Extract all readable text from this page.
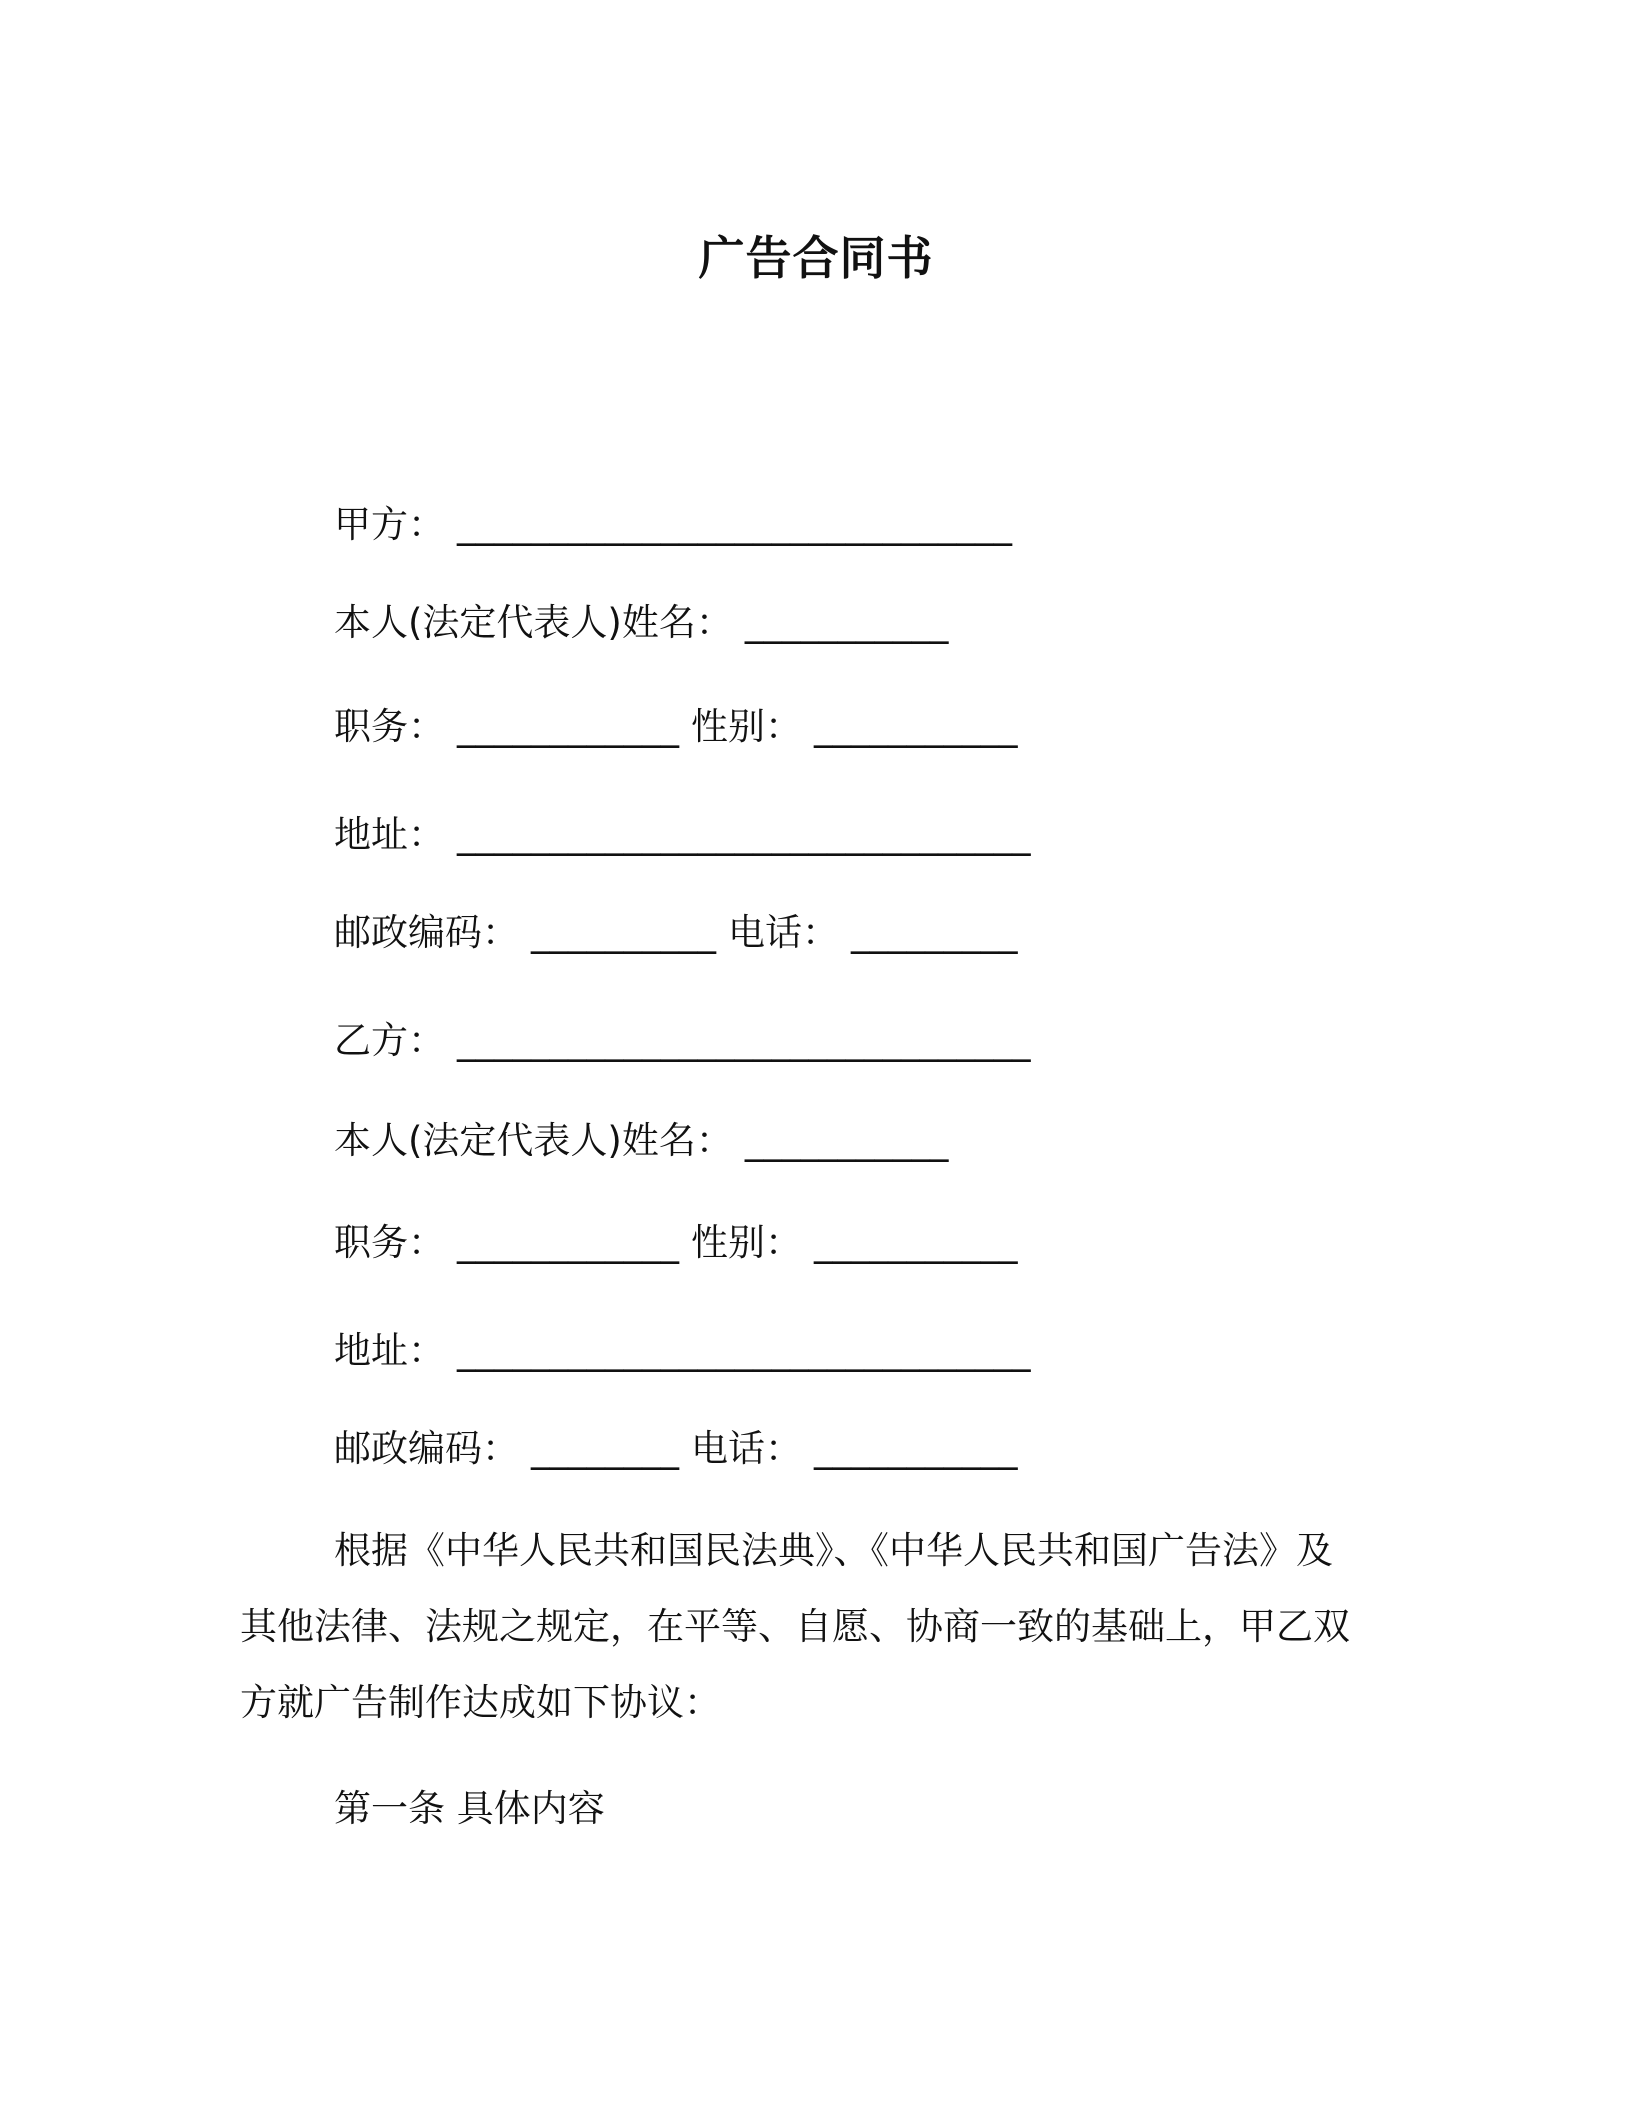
广告合同书
甲方： ______________________________
本人(法定代表人)姓名： ___________
职务： ____________ 性别： ___________
地址： _______________________________
邮政编码： __________ 电话： _________
乙方： _______________________________
本人(法定代表人)姓名： ___________
职务： ____________ 性别： ___________
地址： _______________________________
邮政编码： ________ 电话： ___________
根据《中华人民共和国民法典》、《中华人民共和国广告法》及
其他法律、法规之规定，在平等、自愿、协商一致的基础上，甲乙双
方就广告制作达成如下协议：
第一条 具体内容
